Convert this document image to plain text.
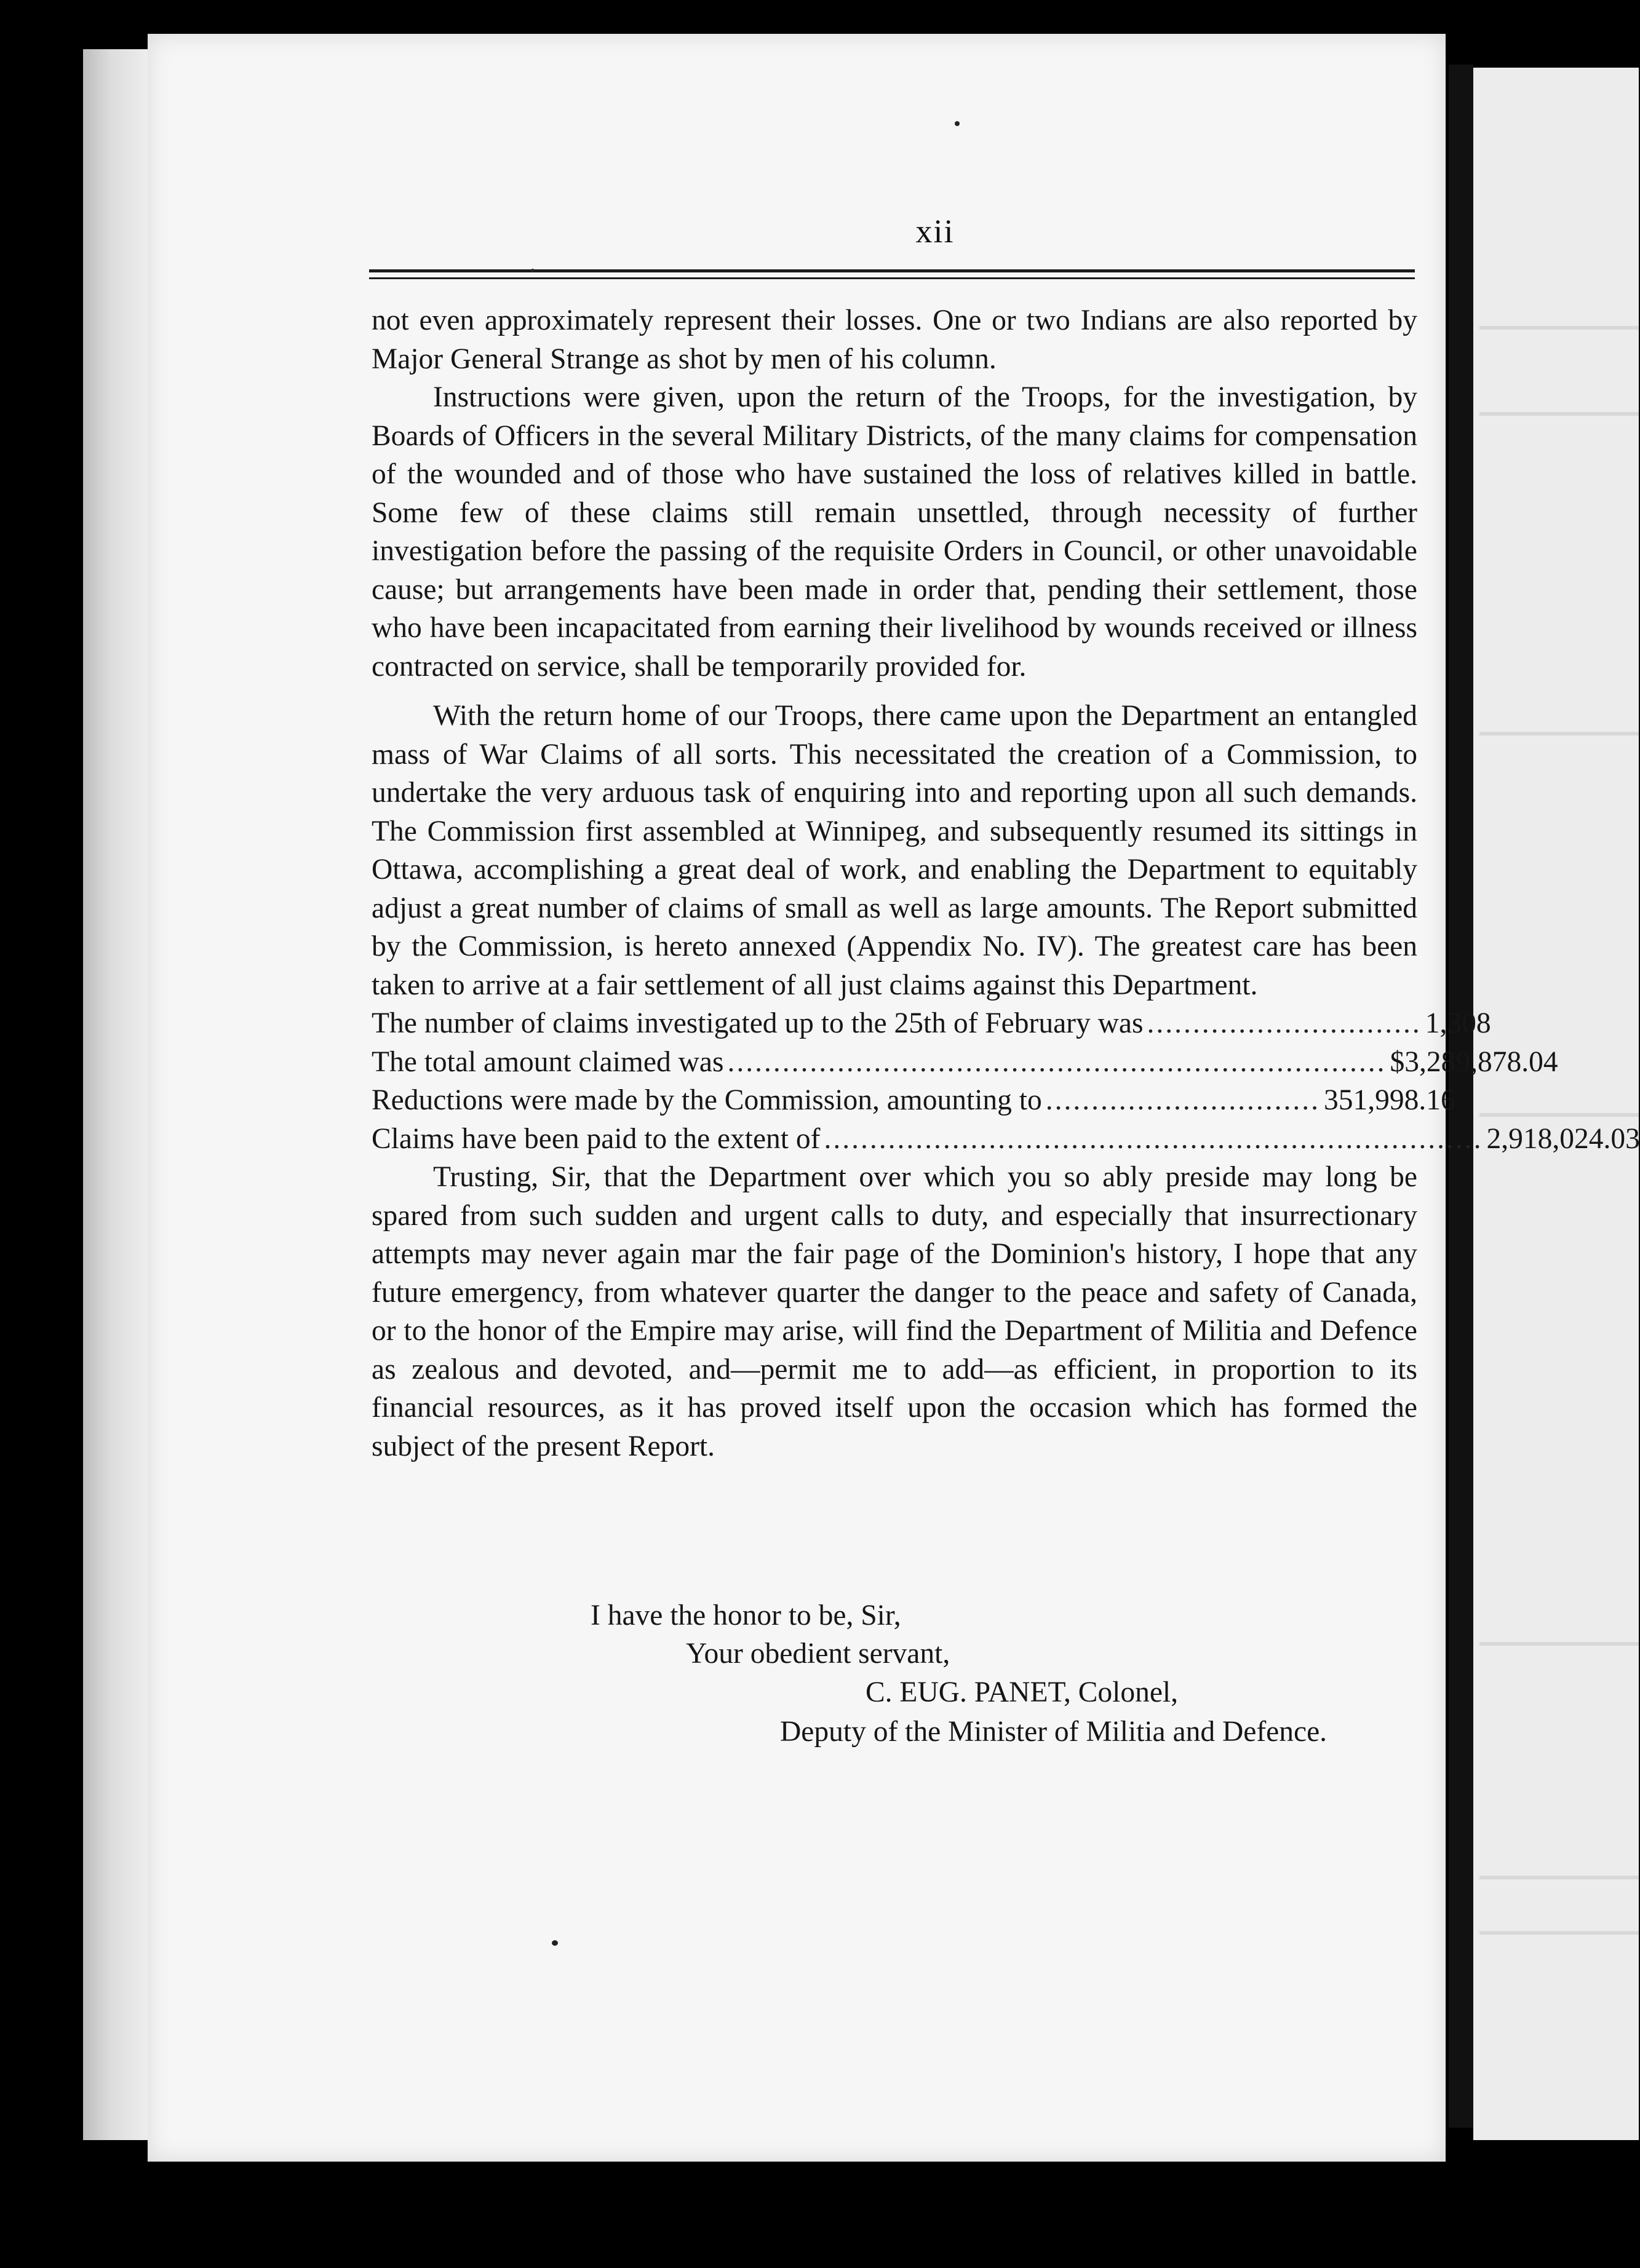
xii

not even approximately represent their losses. One or two Indians are also reported by Major General Strange as shot by men of his column.

Instructions were given, upon the return of the Troops, for the investigation, by Boards of Officers in the several Military Districts, of the many claims for compensation of the wounded and of those who have sustained the loss of relatives killed in battle. Some few of these claims still remain unsettled, through necessity of further investigation before the passing of the requisite Orders in Council, or other unavoidable cause; but arrangements have been made in order that, pending their settlement, those who have been incapacitated from earning their livelihood by wounds received or illness contracted on service, shall be temporarily provided for.

With the return home of our Troops, there came upon the Department an entangled mass of War Claims of all sorts. This necessitated the creation of a Commission, to undertake the very arduous task of enquiring into and reporting upon all such demands. The Commission first assembled at Winnipeg, and subsequently resumed its sittings in Ottawa, accomplishing a great deal of work, and enabling the Department to equitably adjust a great number of claims of small as well as large amounts. The Report submitted by the Commission, is hereto annexed (Appendix No. IV). The greatest care has been taken to arrive at a fair settlement of all just claims against this Department.

The number of claims investigated up to the 25th of February was .............................. 1,308
The total amount claimed was ........................................................................ $3,289,878.04
Reductions were made by the Commission, amounting to .............................. 351,998.16
Claims have been paid to the extent of ........................................................................ 2,918,024.03

Trusting, Sir, that the Department over which you so ably preside may long be spared from such sudden and urgent calls to duty, and especially that insurrectionary attempts may never again mar the fair page of the Dominion's history, I hope that any future emergency, from whatever quarter the danger to the peace and safety of Canada, or to the honor of the Empire may arise, will find the Department of Militia and Defence as zealous and devoted, and—permit me to add—as efficient, in proportion to its financial resources, as it has proved itself upon the occasion which has formed the subject of the present Report.

I have the honor to be, Sir,
Your obedient servant,
C. EUG. PANET, Colonel,
Deputy of the Minister of Militia and Defence.
